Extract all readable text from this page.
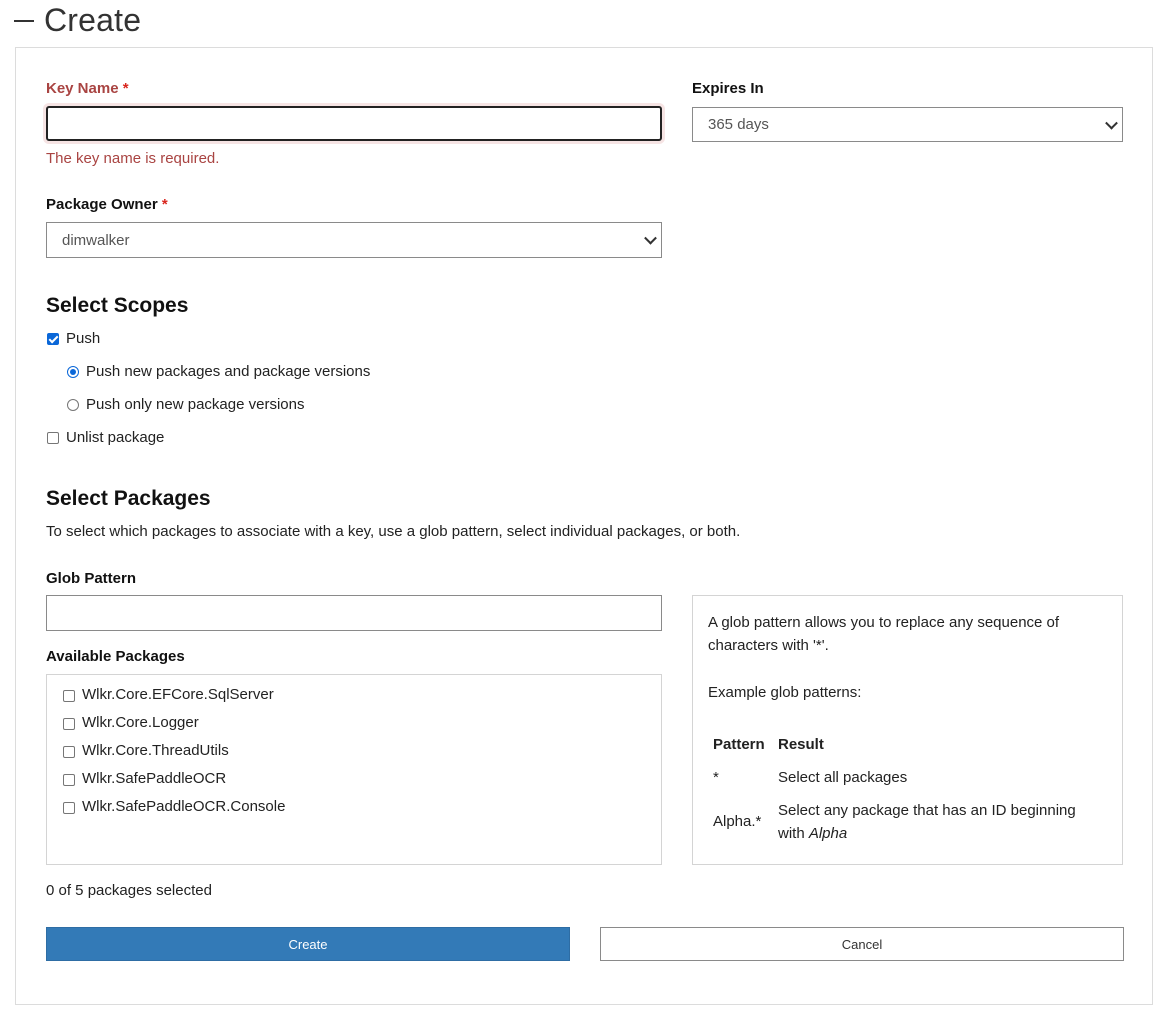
Create
Key Name *
The key name is required.
Expires In
365 days
Package Owner *
dimwalker
Select Scopes
Push
Push new packages and package versions
Push only new package versions
Unlist package
Select Packages
To select which packages to associate with a key, use a glob pattern, select individual packages, or both.
Glob Pattern
Available Packages
Wlkr.Core.EFCore.SqlServer
Wlkr.Core.Logger
Wlkr.Core.ThreadUtils
Wlkr.SafePaddleOCR
Wlkr.SafePaddleOCR.Console
A glob pattern allows you to replace any sequence of
characters with '*'.
Example glob patterns:
Pattern Result
*	Select all packages
Alpha.*
Select any package that has an ID beginning
with Alpha
0 of 5 packages selected
Create	Cancel
